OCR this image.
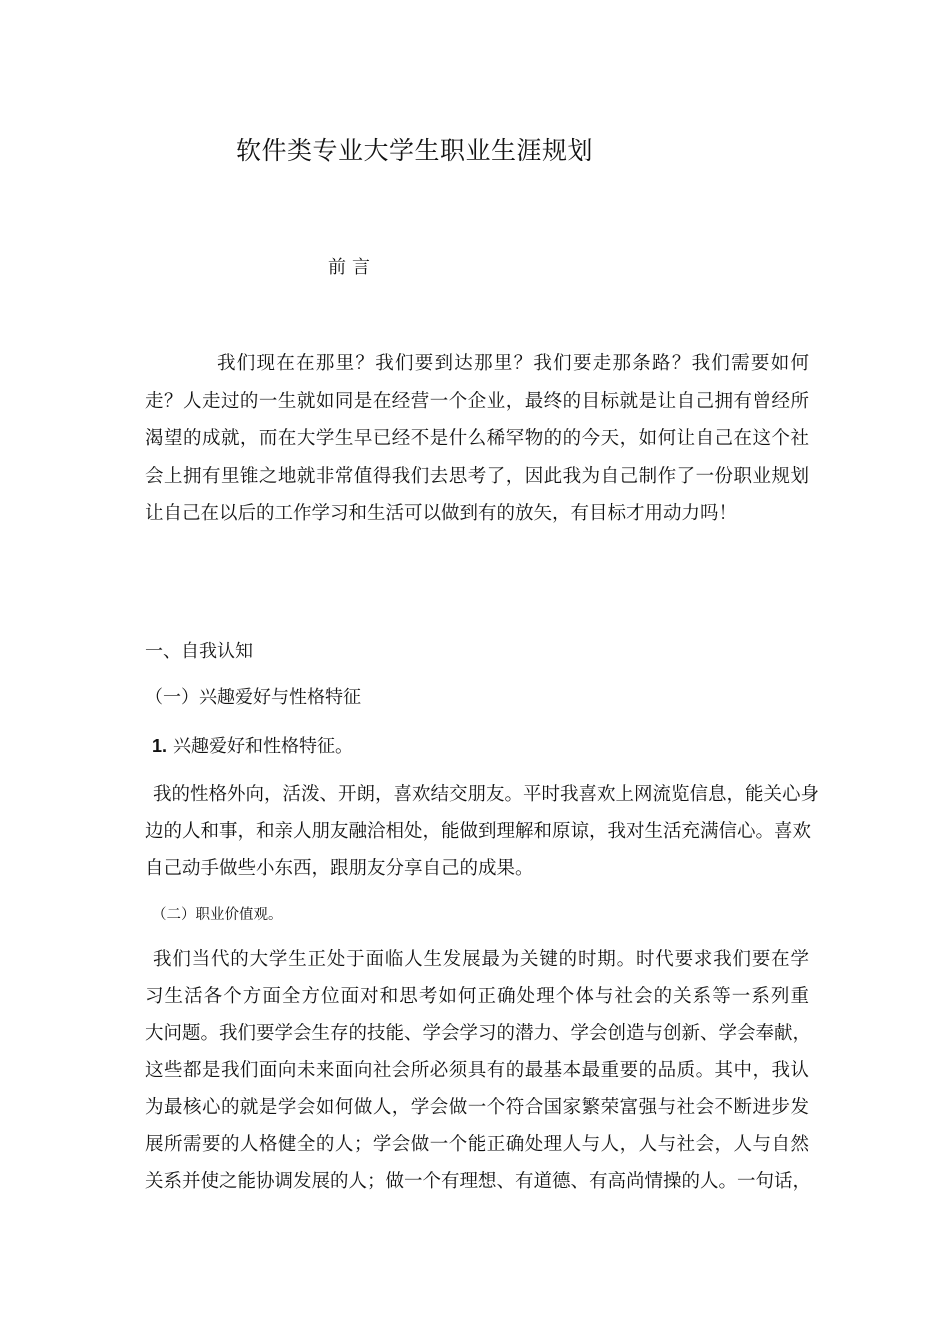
软件类专业大学生职业生涯规划
前言
我们现在在那里？我们要到达那里？我们要走那条路？我们需要如何
走？人走过的一生就如同是在经营一个企业，最终的目标就是让自己拥有曾经所
渴望的成就，而在大学生早已经不是什么稀罕物的的今天，如何让自己在这个社
会上拥有里锥之地就非常值得我们去思考了，因此我为自己制作了一份职业规划
让自己在以后的工作学习和生活可以做到有的放矢，有目标才用动力吗！
一、自我认知
（一）兴趣爱好与性格特征
1. 兴趣爱好和性格特征。
我的性格外向，活泼、开朗，喜欢结交朋友。平时我喜欢上网流览信息，能关心身
边的人和事，和亲人朋友融洽相处，能做到理解和原谅，我对生活充满信心。喜欢
自己动手做些小东西，跟朋友分享自己的成果。
（二）职业价值观。
我们当代的大学生正处于面临人生发展最为关键的时期。时代要求我们要在学
习生活各个方面全方位面对和思考如何正确处理个体与社会的关系等一系列重
大问题。我们要学会生存的技能、学会学习的潜力、学会创造与创新、学会奉献，
这些都是我们面向未来面向社会所必须具有的最基本最重要的品质。其中，我认
为最核心的就是学会如何做人，学会做一个符合国家繁荣富强与社会不断进步发
展所需要的人格健全的人；学会做一个能正确处理人与人，人与社会，人与自然
关系并使之能协调发展的人；做一个有理想、有道德、有高尚情操的人。一句话，
